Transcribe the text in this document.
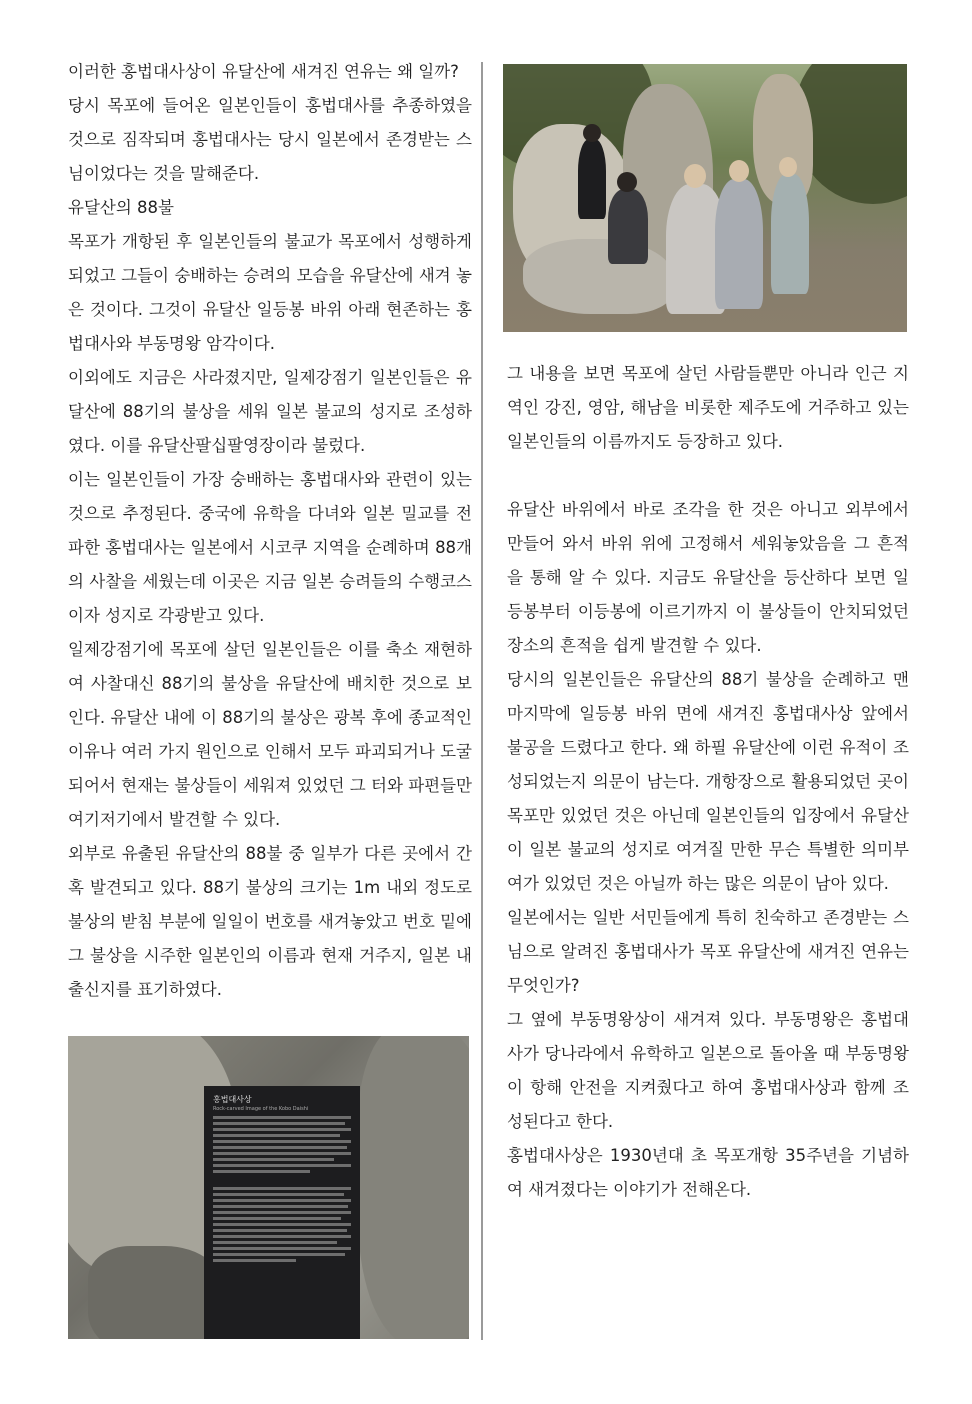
이러한 홍법대사상이 유달산에 새겨진 연유는 왜 일까?

당시 목포에 들어온 일본인들이 홍법대사를 추종하였을 것으로 짐작되며 홍법대사는 당시 일본에서 존경받는 스님이었다는 것을 말해준다.

유달산의 88불

목포가 개항된 후 일본인들의 불교가 목포에서 성행하게 되었고 그들이 숭배하는 승려의 모습을 유달산에 새겨 놓은 것이다. 그것이 유달산 일등봉 바위 아래 현존하는 홍법대사와 부동명왕 암각이다.

이외에도 지금은 사라졌지만, 일제강점기 일본인들은 유달산에 88기의 불상을 세워 일본 불교의 성지로 조성하였다. 이를 유달산팔십팔영장이라 불렀다.

이는 일본인들이 가장 숭배하는 홍법대사와 관련이 있는 것으로 추정된다. 중국에 유학을 다녀와 일본 밀교를 전파한 홍법대사는 일본에서 시코쿠 지역을 순례하며 88개의 사찰을 세웠는데 이곳은 지금 일본 승려들의 수행코스이자 성지로 각광받고 있다.

일제강점기에 목포에 살던 일본인들은 이를 축소 재현하여 사찰대신 88기의 불상을 유달산에 배치한 것으로 보인다. 유달산 내에 이 88기의 불상은 광복 후에 종교적인 이유나 여러 가지 원인으로 인해서 모두 파괴되거나 도굴되어서 현재는 불상들이 세워져 있었던 그 터와 파편들만 여기저기에서 발견할 수 있다.

외부로 유출된 유달산의 88불 중 일부가 다른 곳에서 간혹 발견되고 있다. 88기 불상의 크기는 1m 내외 정도로 불상의 받침 부분에 일일이 번호를 새겨놓았고 번호 밑에 그 불상을 시주한 일본인의 이름과 현재 거주지, 일본 내 출신지를 표기하였다.

그 내용을 보면 목포에 살던 사람들뿐만 아니라 인근 지역인 강진, 영암, 해남을 비롯한 제주도에 거주하고 있는 일본인들의 이름까지도 등장하고 있다.

유달산 바위에서 바로 조각을 한 것은 아니고 외부에서 만들어 와서 바위 위에 고정해서 세워놓았음을 그 흔적을 통해 알 수 있다. 지금도 유달산을 등산하다 보면 일등봉부터 이등봉에 이르기까지 이 불상들이 안치되었던 장소의 흔적을 쉽게 발견할 수 있다.

당시의 일본인들은 유달산의 88기 불상을 순례하고 맨 마지막에 일등봉 바위 면에 새겨진 홍법대사상 앞에서 불공을 드렸다고 한다. 왜 하필 유달산에 이런 유적이 조성되었는지 의문이 남는다. 개항장으로 활용되었던 곳이 목포만 있었던 것은 아닌데 일본인들의 입장에서 유달산이 일본 불교의 성지로 여겨질 만한 무슨 특별한 의미부여가 있었던 것은 아닐까 하는 많은 의문이 남아 있다.

일본에서는 일반 서민들에게 특히 친숙하고 존경받는 스님으로 알려진 홍법대사가 목포 유달산에 새겨진 연유는 무엇인가?

그 옆에 부동명왕상이 새겨져 있다. 부동명왕은 홍법대사가 당나라에서 유학하고 일본으로 돌아올 때 부동명왕이 항해 안전을 지켜줬다고 하여 홍법대사상과 함께 조성된다고 한다.

홍법대사상은 1930년대 초 목포개항 35주년을 기념하여 새겨졌다는 이야기가 전해온다.

홍법대사상
Rock-carved Image of the Kobo Daishi
